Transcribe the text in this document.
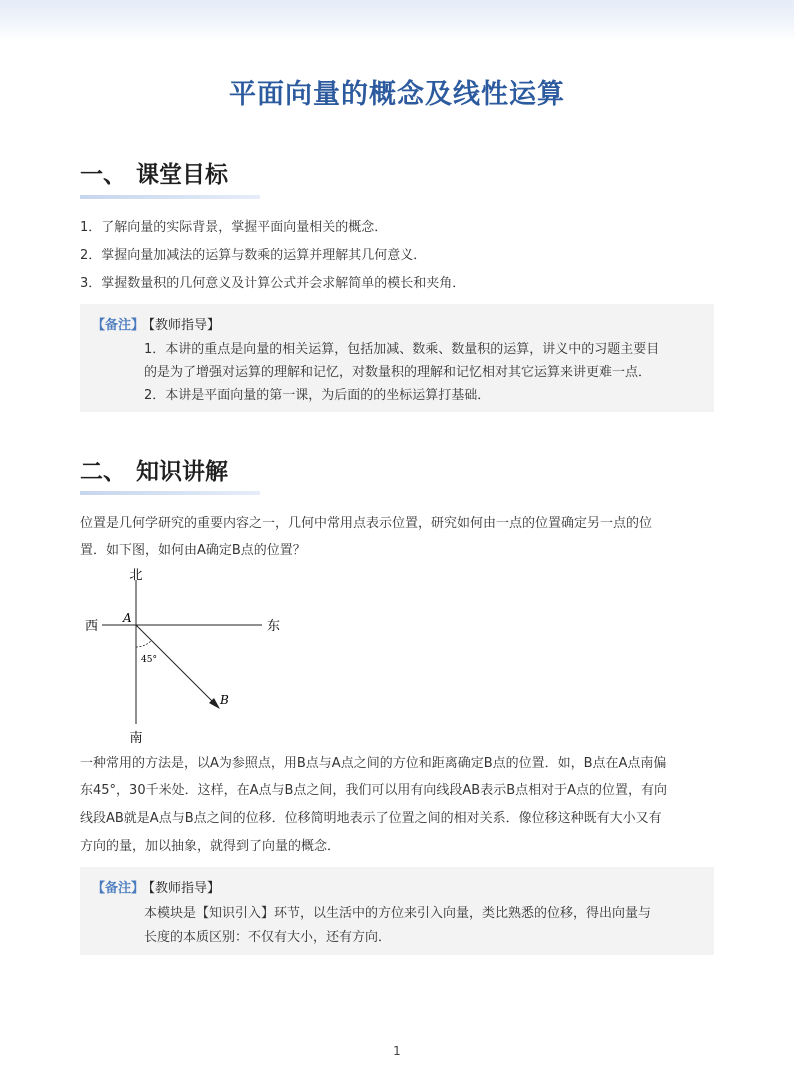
平面向量的概念及线性运算
一、 课堂目标
1．了解向量的实际背景，掌握平面向量相关的概念．
2．掌握向量加减法的运算与数乘的运算并理解其几何意义．
3．掌握数量积的几何意义及计算公式并会求解简单的模长和夹角．
【备注】
【教师指导】
1．本讲的重点是向量的相关运算，包括加减、数乘、数量积的运算，讲义中的习题主要目
的是为了增强对运算的理解和记忆，对数量积的理解和记忆相对其它运算来讲更难一点．
2．本讲是平面向量的第一课，为后面的的坐标运算打基础．
二、 知识讲解
位置是几何学研究的重要内容之一，几何中常用点表示位置，研究如何由一点的位置确定另一点的位
置．如下图，如何由A确定B点的位置？
北
南
西	东
A
B
45°
一种常用的方法是，以A为参照点，用B点与A点之间的方位和距离确定B点的位置．如，B点在A点南偏
东45°，30千米处．这样，在A点与B点之间，我们可以用有向线段AB表示B点相对于A点的位置，有向
线段AB就是A点与B点之间的位移．位移简明地表示了位置之间的相对关系．像位移这种既有大小又有
方向的量，加以抽象，就得到了向量的概念．
【备注】
【教师指导】
本模块是【知识引入】环节，以生活中的方位来引入向量，类比熟悉的位移，得出向量与
长度的本质区别：不仅有大小，还有方向．
1
